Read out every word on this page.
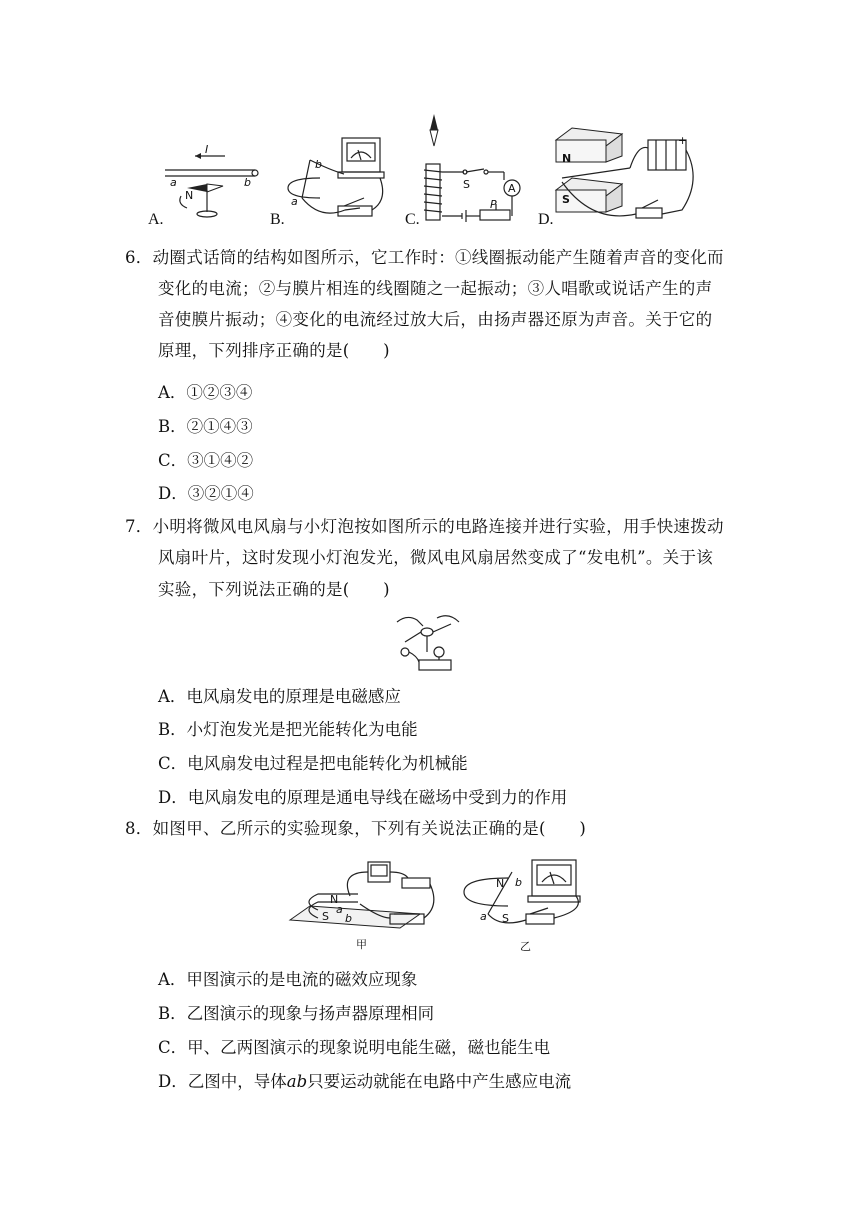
I
a	b
N
A.
b
a
B.
S	A
P
C.
N
S
+
D.
6．动圈式话筒的结构如图所示，它工作时：①线圈振动能产生随着声音的变化而
变化的电流；②与膜片相连的线圈随之一起振动；③人唱歌或说话产生的声
音使膜片振动；④变化的电流经过放大后，由扬声器还原为声音。关于它的
原理，下列排序正确的是(　　)
A．①②③④
B．②①④③
C．③①④②
D．③②①④
7．小明将微风电风扇与小灯泡按如图所示的电路连接并进行实验，用手快速拨动
风扇叶片，这时发现小灯泡发光，微风电风扇居然变成了“发电机”。关于该
实验，下列说法正确的是(　　)
A．电风扇发电的原理是电磁感应
B．小灯泡发光是把光能转化为电能
C．电风扇发电过程是把电能转化为机械能
D．电风扇发电的原理是通电导线在磁场中受到力的作用
8．如图甲、乙所示的实验现象，下列有关说法正确的是(　　)
N
a
S b
甲
N b
a S
乙
A．甲图演示的是电流的磁效应现象
B．乙图演示的现象与扬声器原理相同
C．甲、乙两图演示的现象说明电能生磁，磁也能生电
D．乙图中，导体ab只要运动就能在电路中产生感应电流
